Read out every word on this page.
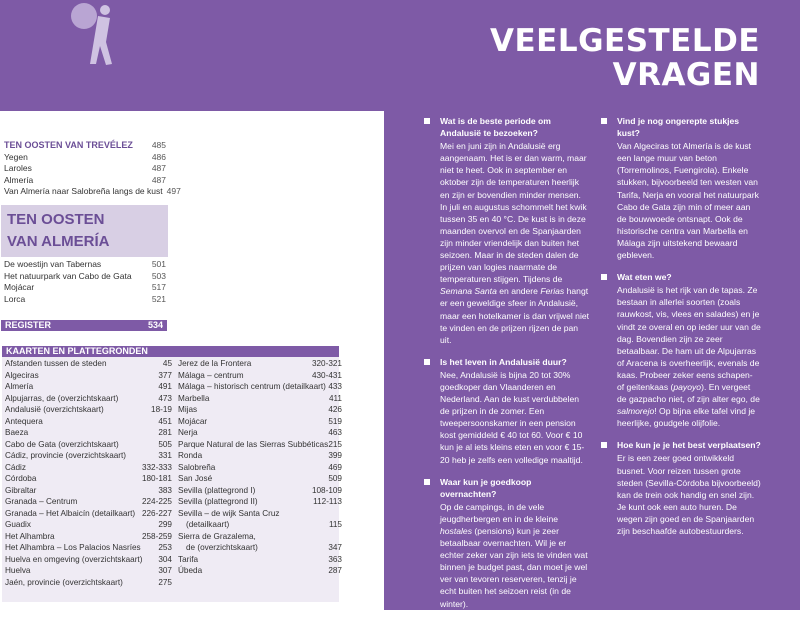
VEELGESTELDE
VRAGEN
TEN OOSTEN VAN TREVÉLEZ 485
Yegen	486
Laroles	487
Almería	487
Van Almería naar Salobreña langs de kust 497
TEN OOSTEN
VAN ALMERÍA
De woestijn van Tabernas	501
Het natuurpark van Cabo de Gata 503
Mojácar	517
Lorca	521
REGISTER	534
KAARTEN EN PLATTEGRONDEN
Afstanden tussen de steden	45
Algeciras	377
Almería	491
Alpujarras, de (overzichtskaart)	473
Andalusië (overzichtskaart)	18-19
Antequera	451
Baeza	281
Cabo de Gata (overzichtskaart)	505
Cádiz, provincie (overzichtskaart)	331
Cádiz	332-333
Córdoba	180-181
Gibraltar	383
Granada – Centrum	224-225
Granada – Het Albaicín (detailkaart) 226-227
Guadix	299
Het Alhambra	258-259
Het Alhambra – Los Palacios Nasríes 253
Huelva en omgeving (overzichtskaart) 304
Huelva	307
Jaén, provincie (overzichtskaart)	275
Jerez de la Frontera	320-321
Málaga – centrum	430-431
Málaga – historisch centrum (detailkaart) 433
Marbella	411
Mijas	426
Mojácar	519
Nerja	463
Parque Natural de las Sierras Subbéticas 215
Ronda	399
Salobreña	469
San José	509
Sevilla (plattegrond I)	108-109
Sevilla (plattegrond II)	112-113
Sevilla – de wijk Santa Cruz
(detailkaart)	115
Sierra de Grazalema,
de (overzichtskaart)	347
Tarifa	363
Úbeda	287
Wat is de beste periode om Andalusië te bezoeken?
Mei en juni zijn in Andalusië erg aangenaam. Het is er dan warm, maar niet te heet. Ook in september en oktober zijn de temperaturen heerlijk en zijn er bovendien minder mensen. In juli en augustus schommelt het kwik tussen 35 en 40 °C. De kust is in deze maanden overvol en de Spanjaarden zijn minder vriendelijk dan buiten het seizoen. Maar in de steden dalen de prijzen van logies naarmate de temperaturen stijgen. Tijdens de Semana Santa en andere Ferias hangt er een geweldige sfeer in Andalusië, maar een hotelkamer is dan vrijwel niet te vinden en de prijzen rijzen de pan uit.
Is het leven in Andalusië duur?
Nee, Andalusië is bijna 20 tot 30% goedkoper dan Vlaanderen en Nederland. Aan de kust verdubbelen de prijzen in de zomer. Een tweepersoonskamer in een pension kost gemiddeld € 40 tot 60. Voor € 10 kun je al iets kleins eten en voor € 15-20 heb je zelfs een volledige maaltijd.
Waar kun je goedkoop overnachten?
Op de campings, in de vele jeugdherbergen en in de kleine hostales (pensions) kun je zeer betaalbaar overnachten. Wil je er echter zeker van zijn iets te vinden wat binnen je budget past, dan moet je wel ver van tevoren reserveren, tenzij je echt buiten het seizoen reist (in de winter).
Vind je nog ongerepte stukjes kust?
Van Algeciras tot Almería is de kust een lange muur van beton (Torremolinos, Fuengirola). Enkele stukken, bijvoorbeeld ten westen van Tarifa, Nerja en vooral het natuurpark Cabo de Gata zijn min of meer aan de bouwwoede ontsnapt. Ook de historische centra van Marbella en Málaga zijn uitstekend bewaard gebleven.
Wat eten we?
Andalusië is het rijk van de tapas. Ze bestaan in allerlei soorten (zoals rauwkost, vis, vlees en salades) en je vindt ze overal en op ieder uur van de dag. Bovendien zijn ze zeer betaalbaar. De ham uit de Alpujarras of Aracena is overheerlijk, evenals de kaas. Probeer zeker eens schapen- of geitenkaas (payoyo). En vergeet de gazpacho niet, of zijn alter ego, de salmorejo! Op bijna elke tafel vind je heerlijke, goudgele olijfolie.
Hoe kun je je het best verplaatsen?
Er is een zeer goed ontwikkeld busnet. Voor reizen tussen grote steden (Sevilla-Córdoba bijvoorbeeld) kan de trein ook handig en snel zijn. Je kunt ook een auto huren. De wegen zijn goed en de Spanjaarden zijn beschaafde autobestuurders.
